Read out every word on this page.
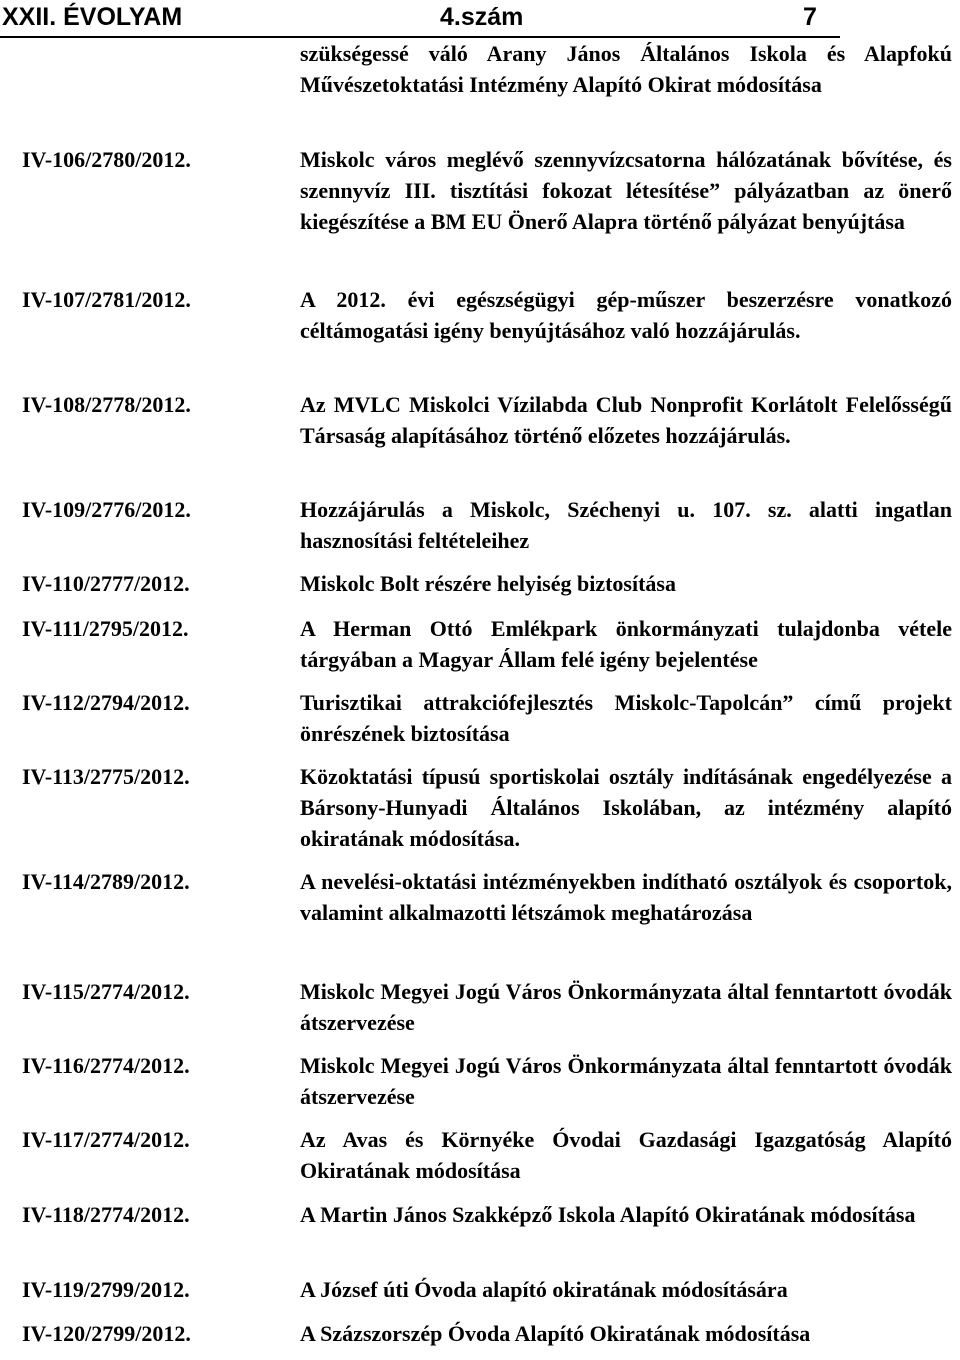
XXII. ÉVOLYAM	4.szám	7
szükségessé váló Arany János Általános Iskola és Alapfokú Művészetoktatási Intézmény Alapító Okirat módosítása
IV-106/2780/2012.	Miskolc város meglévő szennyvízcsatorna hálózatának bővítése, és szennyvíz III. tisztítási fokozat létesítése” pályázatban az önerő kiegészítése a BM EU Önerő Alapra történő pályázat benyújtása
IV-107/2781/2012.	A 2012. évi egészségügyi gép-műszer beszerzésre vonatkozó céltámogatási igény benyújtásához való hozzájárulás.
IV-108/2778/2012.	Az MVLC Miskolci Vízilabda Club Nonprofit Korlátolt Felelősségű Társaság alapításához történő előzetes hozzájárulás.
IV-109/2776/2012.	Hozzájárulás a Miskolc, Széchenyi u. 107. sz. alatti ingatlan hasznosítási feltételeihez
IV-110/2777/2012.	Miskolc Bolt részére helyiség biztosítása
IV-111/2795/2012.	A Herman Ottó Emlékpark önkormányzati tulajdonba vétele tárgyában a Magyar Állam felé igény bejelentése
IV-112/2794/2012.	Turisztikai attrakciófejlesztés Miskolc-Tapolcán” című projekt önrészének biztosítása
IV-113/2775/2012.	Közoktatási típusú sportiskolai osztály indításának engedélyezése a Bársony-Hunyadi Általános Iskolában, az intézmény alapító okiratának módosítása.
IV-114/2789/2012.	A nevelési-oktatási intézményekben indítható osztályok és csoportok, valamint alkalmazotti létszámok meghatározása
IV-115/2774/2012.	Miskolc Megyei Jogú Város Önkormányzata által fenntartott óvodák átszervezése
IV-116/2774/2012.	Miskolc Megyei Jogú Város Önkormányzata által fenntartott óvodák átszervezése
IV-117/2774/2012.	Az Avas és Környéke Óvodai Gazdasági Igazgatóság Alapító Okiratának módosítása
IV-118/2774/2012.	A Martin János Szakképző Iskola Alapító Okiratának módosítása
IV-119/2799/2012.	A József úti Óvoda alapító okiratának módosítására
IV-120/2799/2012.	A Százszorszép Óvoda Alapító Okiratának módosítása
